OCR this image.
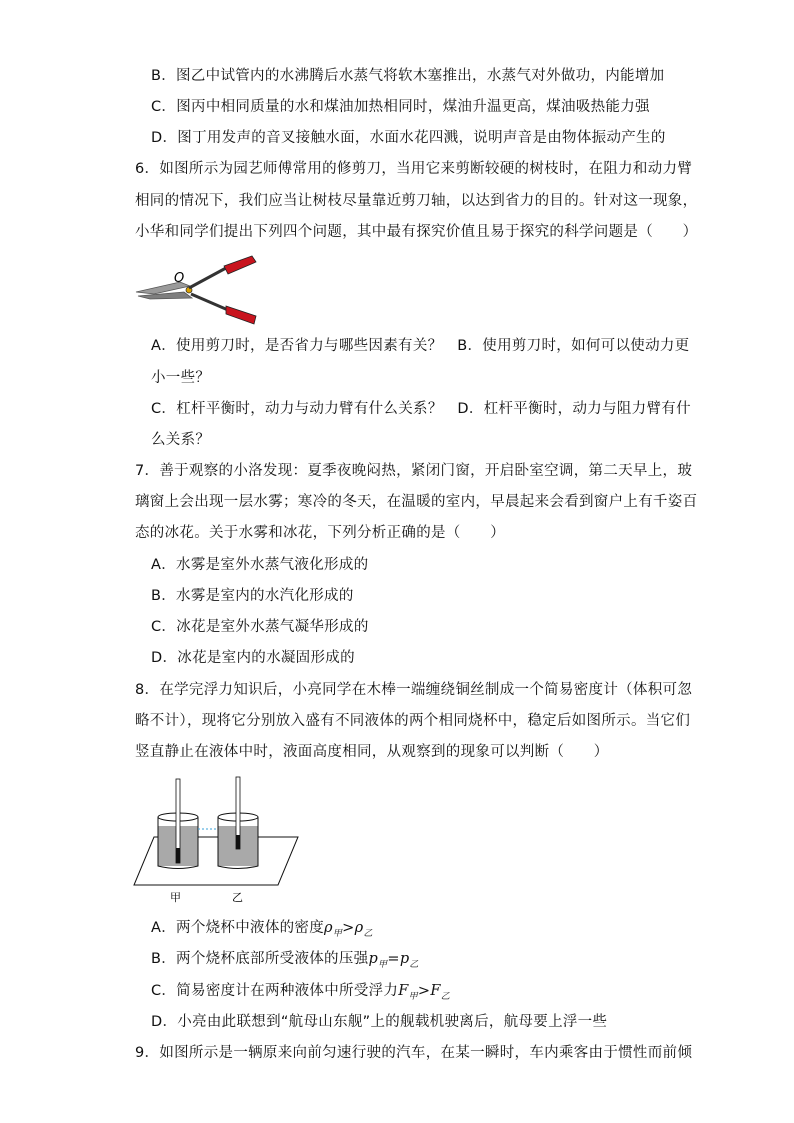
B．图乙中试管内的水沸腾后水蒸气将软木塞推出，水蒸气对外做功，内能增加
C．图丙中相同质量的水和煤油加热相同时，煤油升温更高，煤油吸热能力强
D．图丁用发声的音叉接触水面，水面水花四溅，说明声音是由物体振动产生的
6．如图所示为园艺师傅常用的修剪刀，当用它来剪断较硬的树枝时，在阻力和动力臂
相同的情况下，我们应当让树枝尽量靠近剪刀轴，以达到省力的目的。针对这一现象，
小华和同学们提出下列四个问题，其中最有探究价值且易于探究的科学问题是（　　）
O
A．使用剪刀时，是否省力与哪些因素有关？　B．使用剪刀时，如何可以使动力更
小一些？
C．杠杆平衡时，动力与动力臂有什么关系？　D．杠杆平衡时，动力与阻力臂有什
么关系？
7．善于观察的小洛发现：夏季夜晚闷热，紧闭门窗，开启卧室空调，第二天早上，玻
璃窗上会出现一层水雾；寒冷的冬天，在温暖的室内，早晨起来会看到窗户上有千姿百
态的冰花。关于水雾和冰花，下列分析正确的是（　　）
A．水雾是室外水蒸气液化形成的
B．水雾是室内的水汽化形成的
C．冰花是室外水蒸气凝华形成的
D．冰花是室内的水凝固形成的
8．在学完浮力知识后，小亮同学在木棒一端缠绕铜丝制成一个简易密度计（体积可忽
略不计），现将它分别放入盛有不同液体的两个相同烧杯中，稳定后如图所示。当它们
竖直静止在液体中时，液面高度相同，从观察到的现象可以判断（　　）
甲	乙
A．两个烧杯中液体的密度$\rho_甲>\rho_乙$
B．两个烧杯底部所受液体的压强$p_甲=p_乙$
C．简易密度计在两种液体中所受浮力$F_甲>F_乙$
D．小亮由此联想到“航母山东舰”上的舰载机驶离后，航母要上浮一些
9．如图所示是一辆原来向前匀速行驶的汽车，在某一瞬时，车内乘客由于惯性而前倾
